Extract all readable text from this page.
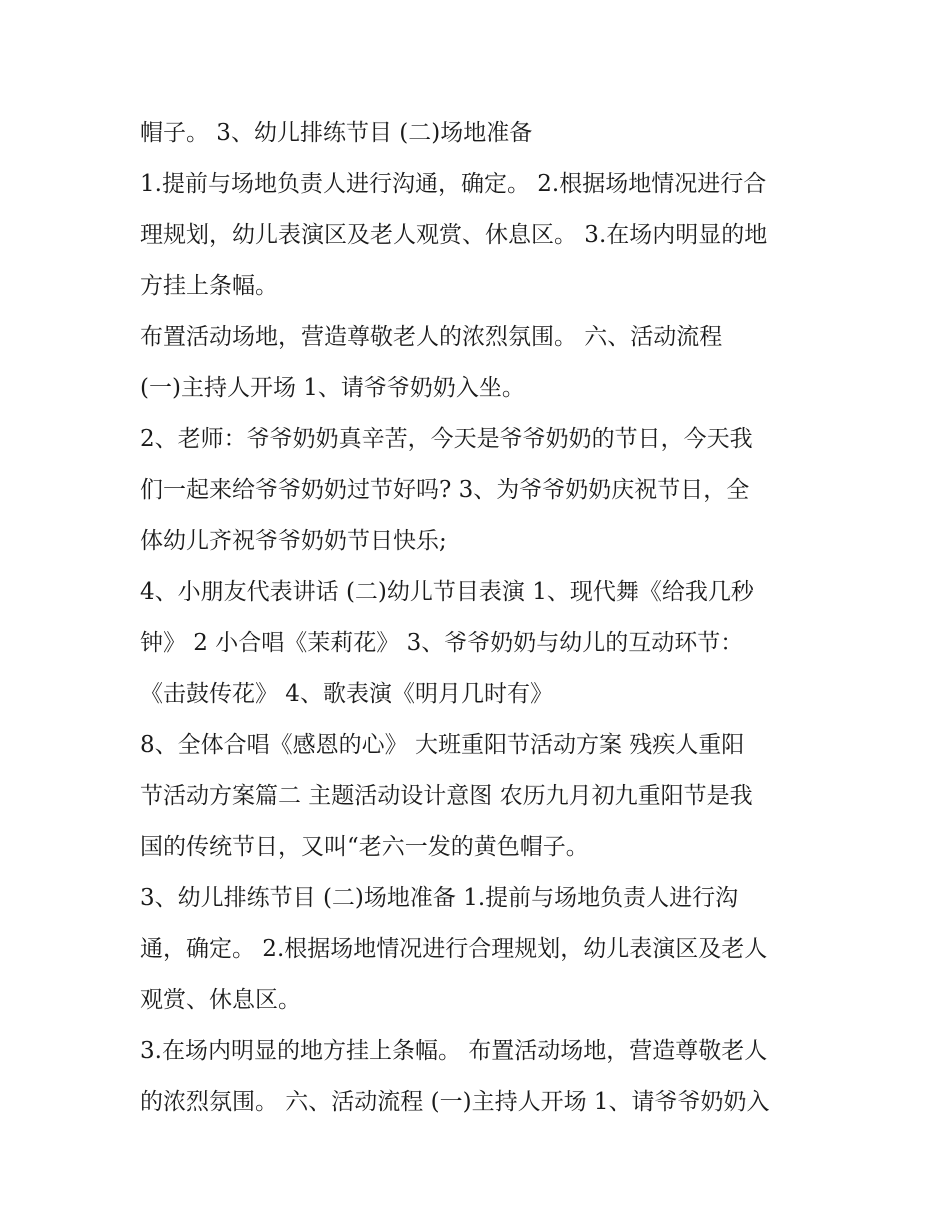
帽子。 3、幼儿排练节目 (二)场地准备
1.提前与场地负责人进行沟通，确定。 2.根据场地情况进行合
理规划，幼儿表演区及老人观赏、休息区。 3.在场内明显的地
方挂上条幅。
布置活动场地，营造尊敬老人的浓烈氛围。 六、活动流程
(一)主持人开场 1、请爷爷奶奶入坐。
2、老师：爷爷奶奶真辛苦，今天是爷爷奶奶的节日，今天我
们一起来给爷爷奶奶过节好吗? 3、为爷爷奶奶庆祝节日，全
体幼儿齐祝爷爷奶奶节日快乐;
4、小朋友代表讲话 (二)幼儿节目表演 1、现代舞《给我几秒
钟》 2 小合唱《茉莉花》 3、爷爷奶奶与幼儿的互动环节：
《击鼓传花》 4、歌表演《明月几时有》
8、全体合唱《感恩的心》 大班重阳节活动方案 残疾人重阳
节活动方案篇二 主题活动设计意图 农历九月初九重阳节是我
国的传统节日，又叫“老六一发的黄色帽子。
3、幼儿排练节目 (二)场地准备 1.提前与场地负责人进行沟
通，确定。 2.根据场地情况进行合理规划，幼儿表演区及老人
观赏、休息区。
3.在场内明显的地方挂上条幅。 布置活动场地，营造尊敬老人
的浓烈氛围。 六、活动流程 (一)主持人开场 1、请爷爷奶奶入
